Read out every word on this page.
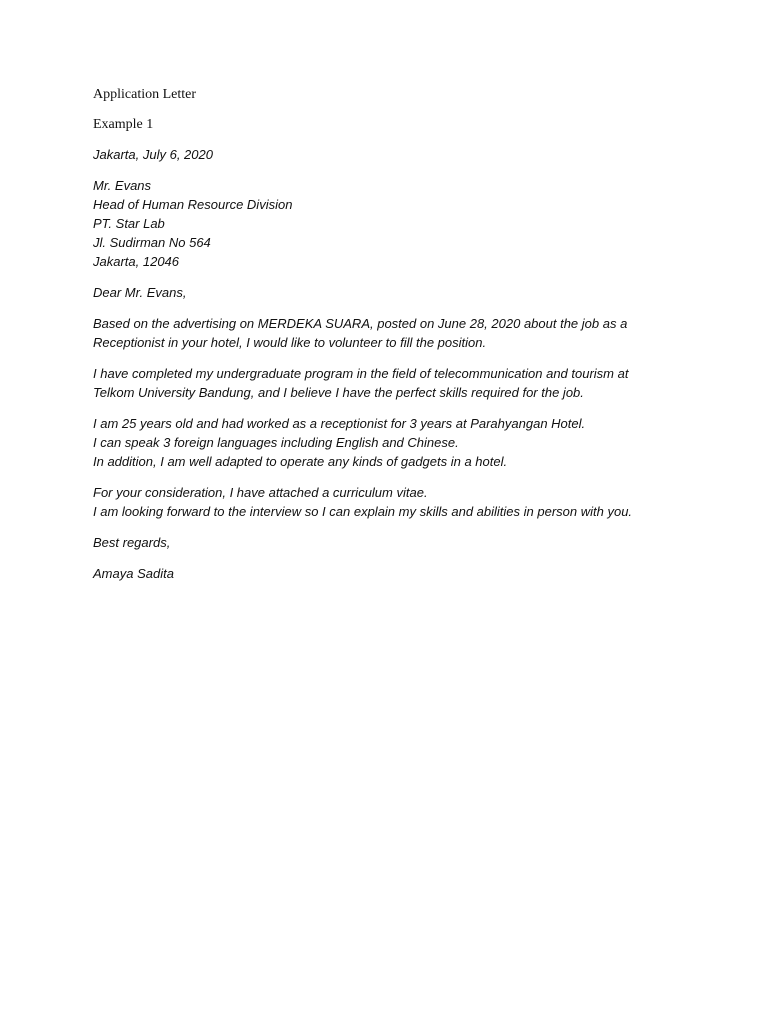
Application Letter
Example 1
Jakarta, July 6, 2020
Mr. Evans
Head of Human Resource Division
PT. Star Lab
Jl. Sudirman No 564
Jakarta, 12046
Dear Mr. Evans,
Based on the advertising on MERDEKA SUARA, posted on June 28, 2020 about the job as a
Receptionist in your hotel, I would like to volunteer to fill the position.
I have completed my undergraduate program in the field of telecommunication and tourism at
Telkom University Bandung, and I believe I have the perfect skills required for the job.
I am 25 years old and had worked as a receptionist for 3 years at Parahyangan Hotel.
I can speak 3 foreign languages including English and Chinese.
In addition, I am well adapted to operate any kinds of gadgets in a hotel.
For your consideration, I have attached a curriculum vitae.
I am looking forward to the interview so I can explain my skills and abilities in person with you.
Best regards,
Amaya Sadita
